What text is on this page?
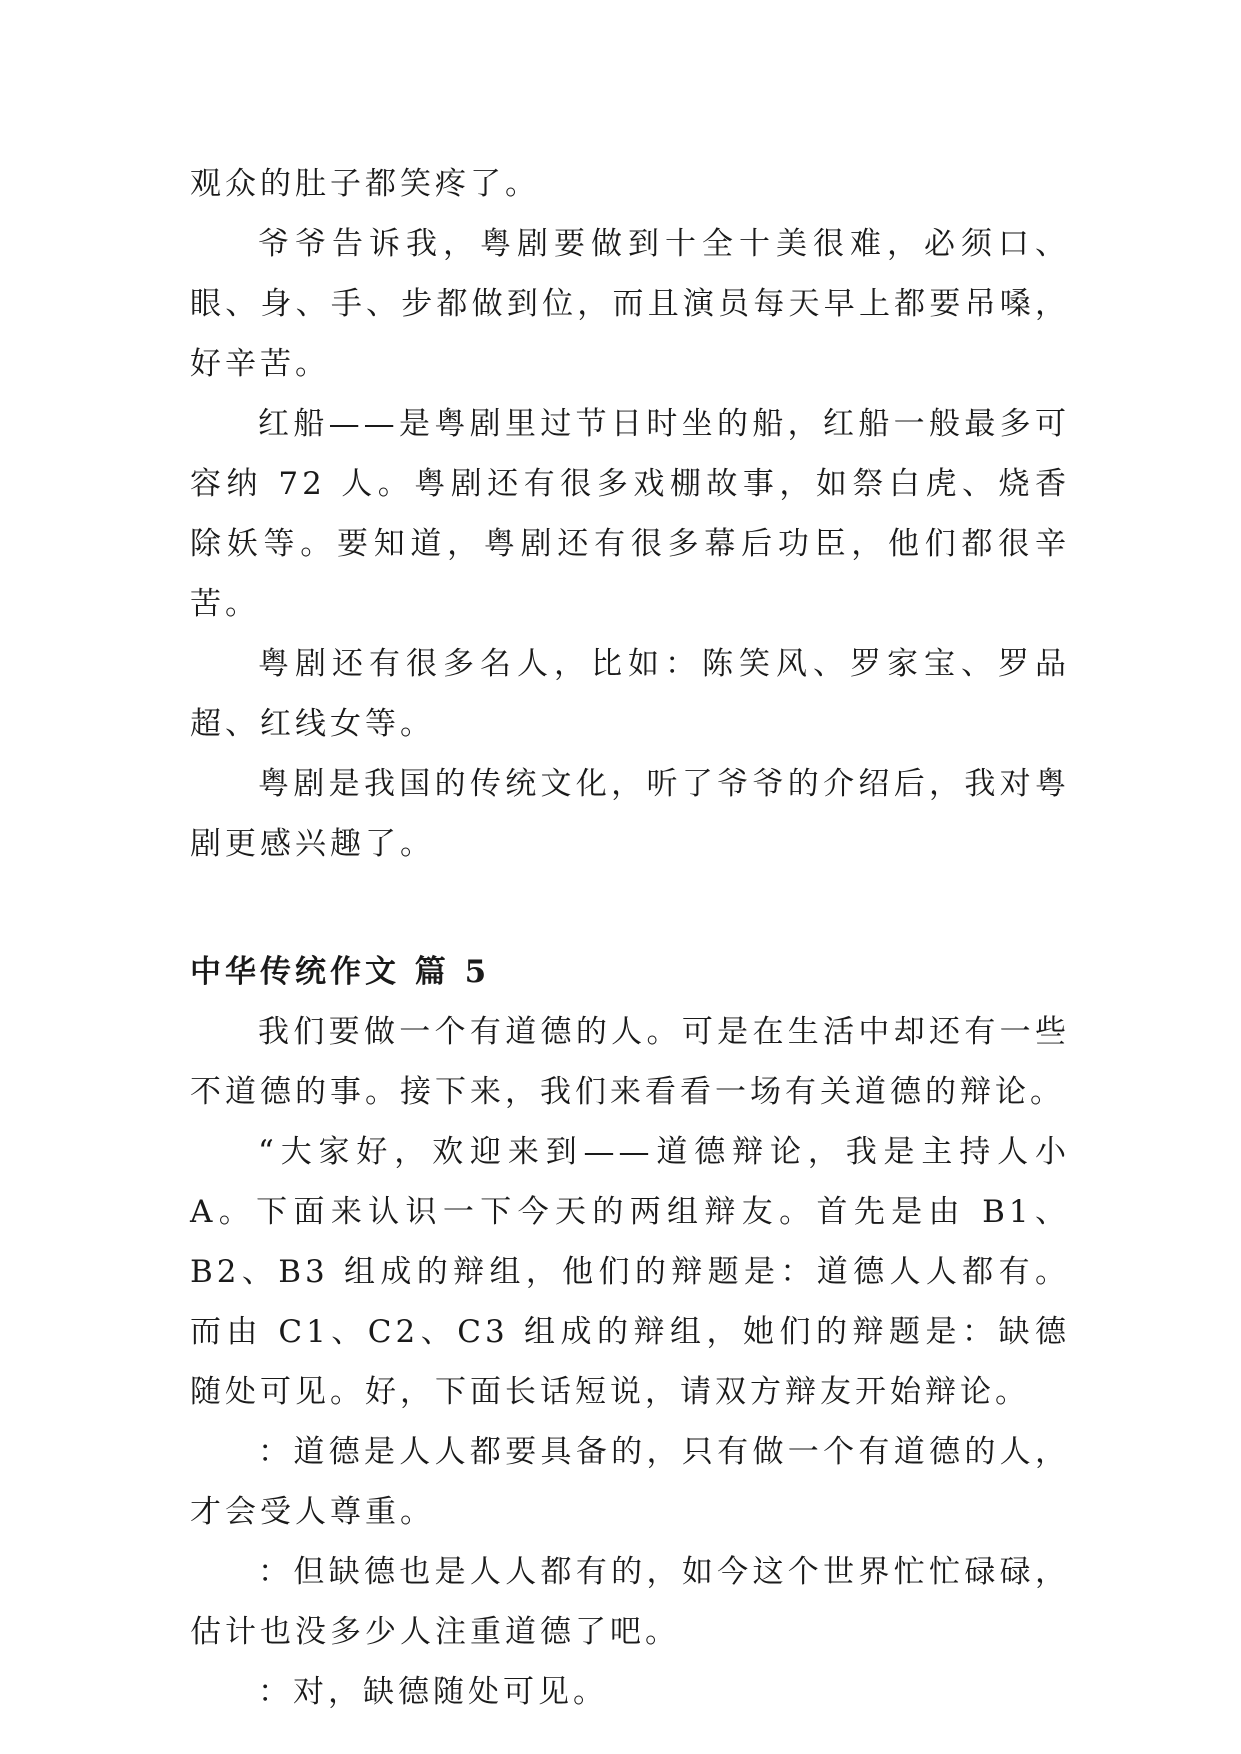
观众的肚子都笑疼了。

爷爷告诉我，粤剧要做到十全十美很难，必须口、眼、身、手、步都做到位，而且演员每天早上都要吊嗓，好辛苦。

红船——是粤剧里过节日时坐的船，红船一般最多可容纳 72 人。粤剧还有很多戏棚故事，如祭白虎、烧香除妖等。要知道，粤剧还有很多幕后功臣，他们都很辛苦。

粤剧还有很多名人，比如：陈笑风、罗家宝、罗品超、红线女等。

粤剧是我国的传统文化，听了爷爷的介绍后，我对粤剧更感兴趣了。

中华传统作文 篇 5

我们要做一个有道德的人。可是在生活中却还有一些不道德的事。接下来，我们来看看一场有关道德的辩论。

“大家好，欢迎来到——道德辩论，我是主持人小 A。下面来认识一下今天的两组辩友。首先是由 B1、B2、B3 组成的辩组，他们的辩题是：道德人人都有。而由 C1、C2、C3 组成的辩组，她们的辩题是：缺德随处可见。好，下面长话短说，请双方辩友开始辩论。

：道德是人人都要具备的，只有做一个有道德的人，才会受人尊重。

：但缺德也是人人都有的，如今这个世界忙忙碌碌，估计也没多少人注重道德了吧。

：对，缺德随处可见。
